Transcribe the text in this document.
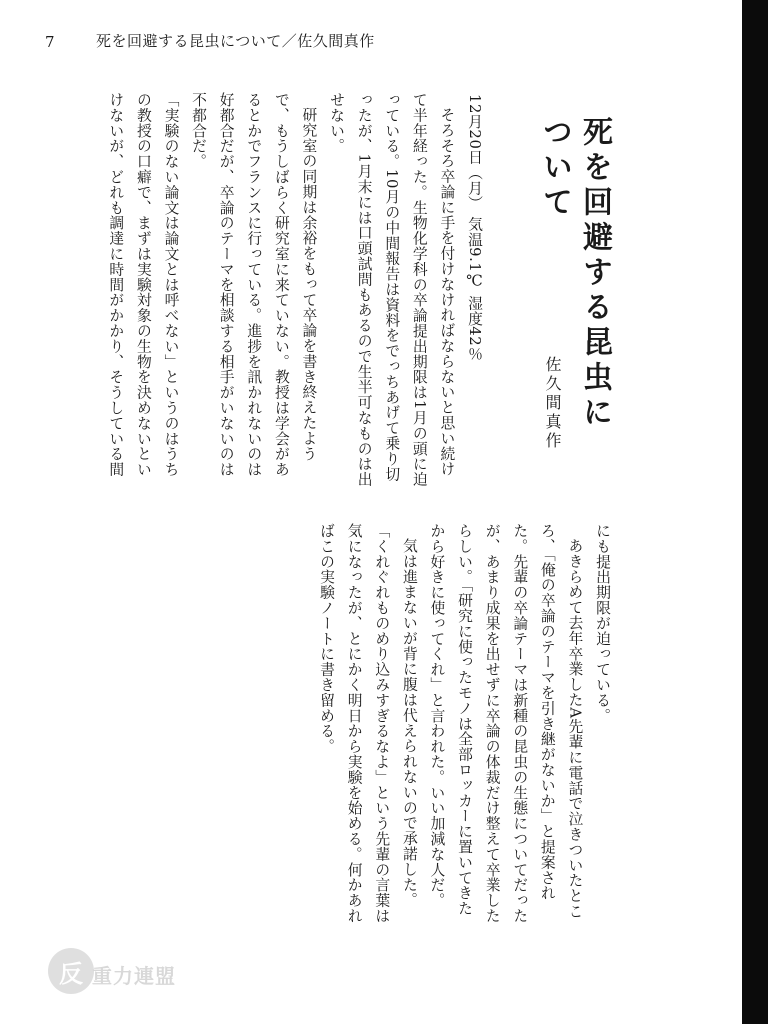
7	死を回避する昆虫について／佐久間真作
死を回避する昆虫について
佐久間真作

12月20日（月） 気温9.1℃ 湿度42％

そろそろ卒論に手を付けなければならないと思い続けて半年経った。生物化学科の卒論提出期限は1月の頭に迫っている。10月の中間報告は資料をでっちあげて乗り切ったが、1月末には口頭試問もあるので生半可なものは出せない。

研究室の同期は余裕をもって卒論を書き終えたようで、もうしばらく研究室に来ていない。教授は学会があるとかでフランスに行っている。進捗を訊かれないのは好都合だが、卒論のテーマを相談する相手がいないのは不都合だ。

「実験のない論文は論文とは呼べない」というのはうちの教授の口癖で、まずは実験対象の生物を決めないといけないが、どれも調達に時間がかかり、そうしている間

にも提出期限が迫っている。

あきらめて去年卒業したA先輩に電話で泣きついたところ、「俺の卒論のテーマを引き継がないか」と提案された。先輩の卒論テーマは新種の昆虫の生態についてだったが、あまり成果を出せずに卒論の体裁だけ整えて卒業したらしい。「研究に使ったモノは全部ロッカーに置いてきたから好きに使ってくれ」と言われた。いい加減な人だ。

気は進まないが背に腹は代えられないので承諾した。「くれぐれものめり込みすぎるなよ」という先輩の言葉は気になったが、とにかく明日から実験を始める。何かあればこの実験ノートに書き留める。

反 重力連盟
